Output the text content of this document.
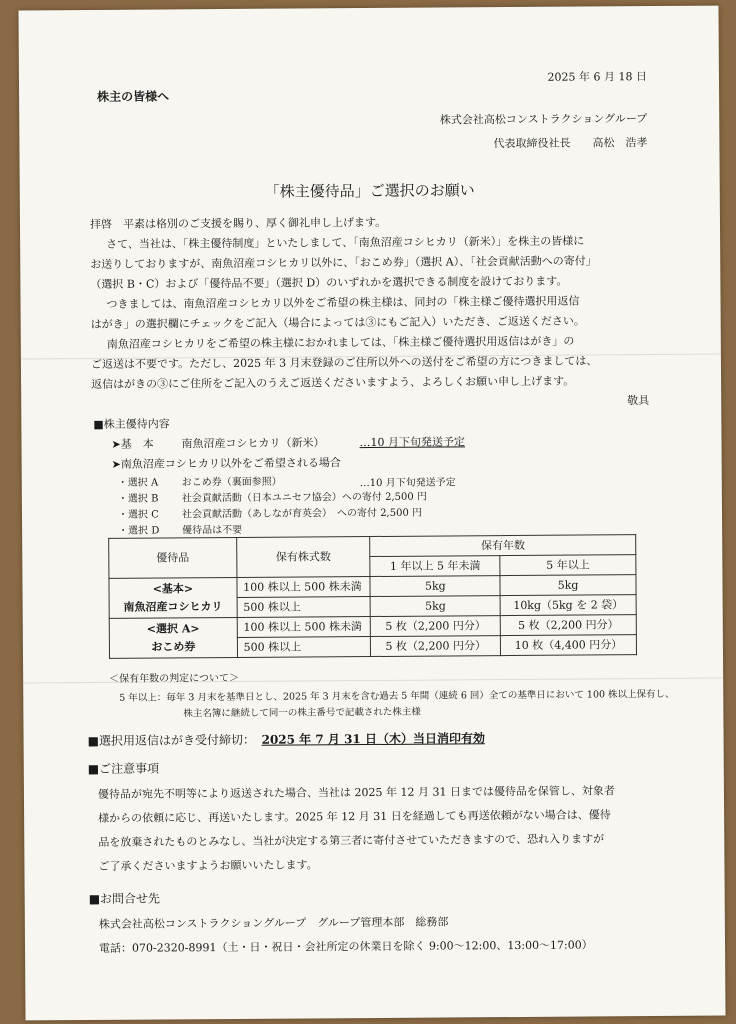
2025 年 6 月 18 日
株主の皆様へ
株式会社高松コンストラクショングループ
代表取締役社長　　高松　浩孝
「株主優待品」ご選択のお願い
拝啓　平素は格別のご支援を賜り、厚く御礼申し上げます。
さて、当社は、「株主優待制度」といたしまして、「南魚沼産コシヒカリ（新米）」を株主の皆様に
お送りしておりますが、南魚沼産コシヒカリ以外に、「おこめ券」（選択 A）、「社会貢献活動への寄付」
（選択 B・C）および「優待品不要」（選択 D）のいずれかを選択できる制度を設けております。
つきましては、南魚沼産コシヒカリ以外をご希望の株主様は、同封の「株主様ご優待選択用返信
はがき」の選択欄にチェックをご記入（場合によっては③にもご記入）いただき、ご返送ください。
南魚沼産コシヒカリをご希望の株主様におかれましては、「株主様ご優待選択用返信はがき」の
ご返送は不要です。ただし、2025 年 3 月末登録のご住所以外への送付をご希望の方につきましては、
返信はがきの③にご住所をご記入のうえご返送くださいますよう、よろしくお願い申し上げます。
敬具
■株主優待内容
➤基　本	南魚沼産コシヒカリ（新米）	…10 月下旬発送予定
➤南魚沼産コシヒカリ以外をご希望される場合
・選択 A おこめ券（裏面参照）	…10 月下旬発送予定
・選択 B 社会貢献活動（日本ユニセフ協会）への寄付 2,500 円
・選択 C 社会貢献活動（あしなが育英会）　への寄付 2,500 円
・選択 D 優待品は不要
優待品	保有株式数	保有年数	
		1 年以上 5 年未満	5 年以上

<基本>
南魚沼産コシヒカリ	100 株以上 500 株未満	5kg	5kg
	500 株以上	5kg	10kg（5kg を 2 袋）

<選択 A>
おこめ券	100 株以上 500 株未満	5 枚（2,200 円分）	5 枚（2,200 円分）
	500 株以上	5 枚（2,200 円分）	10 枚（4,400 円分）
＜保有年数の判定について＞
5 年以上：毎年 3 月末を基準日とし、2025 年 3 月末を含む過去 5 年間（連続 6 回）全ての基準日において 100 株以上保有し、
株主名簿に継続して同一の株主番号で記載された株主様
■選択用返信はがき受付締切： 2025 年 7 月 31 日（木）当日消印有効
■ご注意事項
優待品が宛先不明等により返送された場合、当社は 2025 年 12 月 31 日までは優待品を保管し、対象者
様からの依頼に応じ、再送いたします。2025 年 12 月 31 日を経過しても再送依頼がない場合は、優待
品を放棄されたものとみなし、当社が決定する第三者に寄付させていただきますので、恐れ入りますが
ご了承くださいますようお願いいたします。
■お問合せ先
株式会社高松コンストラクショングループ　グループ管理本部　総務部
電話：070-2320-8991（土・日・祝日・会社所定の休業日を除く 9:00～12:00、13:00～17:00）
